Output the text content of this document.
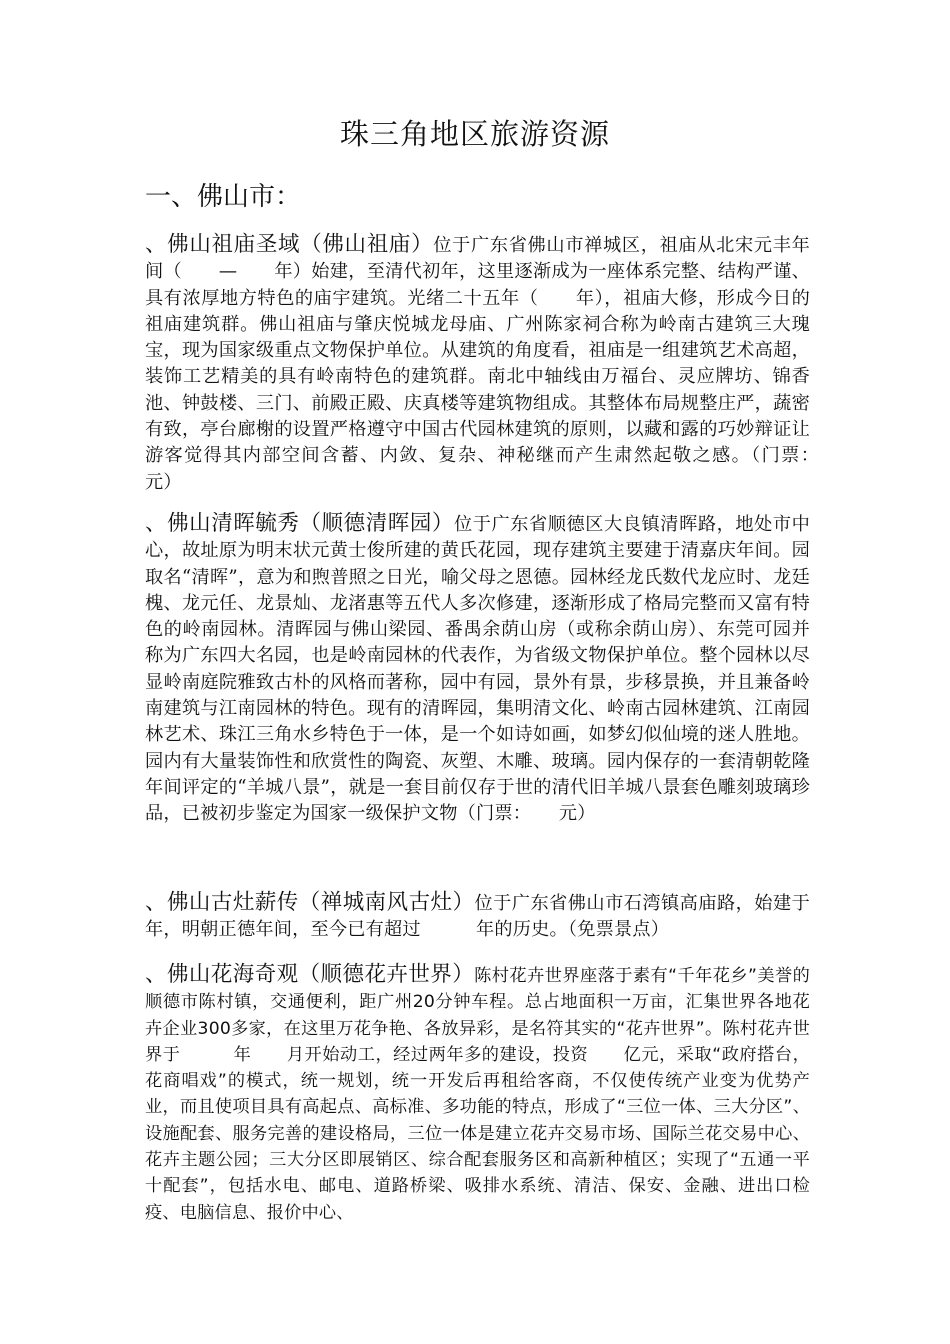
珠三角地区旅游资源
一、佛山市：
、佛山祖庙圣域（佛山祖庙）位于广东省佛山市禅城区，祖庙从北宋元丰年间（　　—　　年）始建，至清代初年，这里逐渐成为一座体系完整、结构严谨、具有浓厚地方特色的庙宇建筑。光绪二十五年（　　年），祖庙大修，形成今日的祖庙建筑群。佛山祖庙与肇庆悦城龙母庙、广州陈家祠合称为岭南古建筑三大瑰宝，现为国家级重点文物保护单位。从建筑的角度看，祖庙是一组建筑艺术高超，装饰工艺精美的具有岭南特色的建筑群。南北中轴线由万福台、灵应牌坊、锦香池、钟鼓楼、三门、前殿正殿、庆真楼等建筑物组成。其整体布局规整庄严，蔬密有致，亭台廊榭的设置严格遵守中国古代园林建筑的原则，以藏和露的巧妙辩证让游客觉得其内部空间含蓄、内敛、复杂、神秘继而产生肃然起敬之感。（门票：　　元）
、佛山清晖毓秀（顺德清晖园）位于广东省顺德区大良镇清晖路，地处市中心，故址原为明末状元黄士俊所建的黄氏花园，现存建筑主要建于清嘉庆年间。园取名“清晖”，意为和煦普照之日光，喻父母之恩德。园林经龙氏数代龙应时、龙廷槐、龙元任、龙景灿、龙渚惠等五代人多次修建，逐渐形成了格局完整而又富有特色的岭南园林。清晖园与佛山梁园、番禺余荫山房（或称余荫山房）、东莞可园并称为广东四大名园，也是岭南园林的代表作，为省级文物保护单位。整个园林以尽显岭南庭院雅致古朴的风格而著称，园中有园，景外有景，步移景换，并且兼备岭南建筑与江南园林的特色。现有的清晖园，集明清文化、岭南古园林建筑、江南园林艺术、珠江三角水乡特色于一体，是一个如诗如画，如梦幻似仙境的迷人胜地。园内有大量装饰性和欣赏性的陶瓷、灰塑、木雕、玻璃。园内保存的一套清朝乾隆年间评定的“羊城八景”，就是一套目前仅存于世的清代旧羊城八景套色雕刻玻璃珍品，已被初步鉴定为国家一级保护文物（门票：　　元）
、佛山古灶薪传（禅城南风古灶）位于广东省佛山市石湾镇高庙路，始建于　　　年，明朝正德年间，至今已有超过　　　年的历史。（免票景点）
、佛山花海奇观（顺德花卉世界）陈村花卉世界座落于素有“千年花乡”美誉的顺德市陈村镇，交通便利，距广州20分钟车程。总占地面积一万亩，汇集世界各地花卉企业300多家，在这里万花争艳、各放异彩，是名符其实的“花卉世界”。陈村花卉世界于　　　年　　月开始动工，经过两年多的建设，投资　　亿元，采取“政府搭台，花商唱戏”的模式，统一规划，统一开发后再租给客商，不仅使传统产业变为优势产业，而且使项目具有高起点、高标准、多功能的特点，形成了“三位一体、三大分区”、设施配套、服务完善的建设格局，三位一体是建立花卉交易市场、国际兰花交易中心、花卉主题公园；三大分区即展销区、综合配套服务区和高新种植区；实现了“五通一平十配套”，包括水电、邮电、道路桥梁、吸排水系统、清洁、保安、金融、进出口检疫、电脑信息、报价中心、
